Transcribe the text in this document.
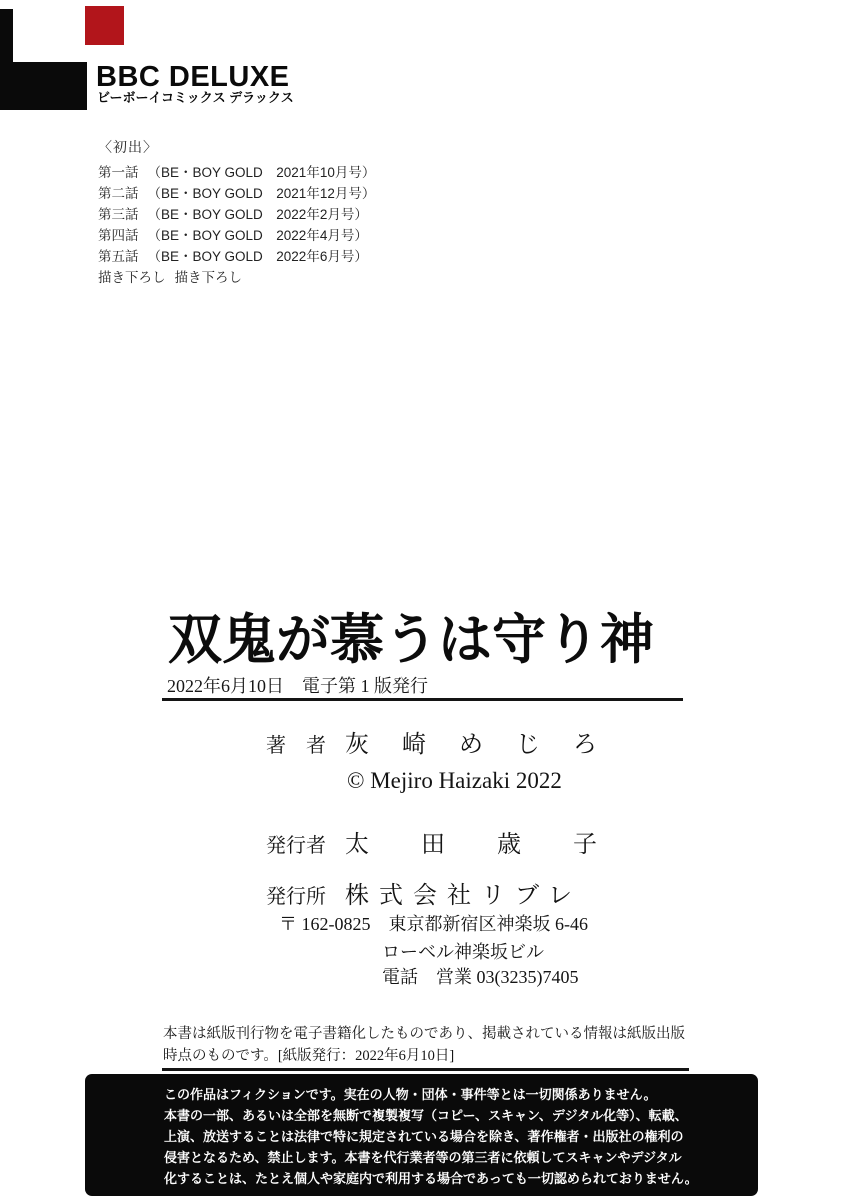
BBC DELUXE
ビーボーイコミックス デラックス
〈初出〉
第一話 （BE・BOY GOLD　2021年10月号）
第二話 （BE・BOY GOLD　2021年12月号）
第三話 （BE・BOY GOLD　2022年2月号）
第四話 （BE・BOY GOLD　2022年4月号）
第五話 （BE・BOY GOLD　2022年6月号）
描き下ろし 描き下ろし
双鬼が慕うは守り神
2022年6月10日　電子第 1 版発行
著　者 灰崎めじろ
© Mejiro Haizaki 2022
発行者 太田歳子
発行所 株式会社リブレ
〒 162-0825　東京都新宿区神楽坂 6-46
ローベル神楽坂ビル
電話　営業 03(3235)7405
本書は紙版刊行物を電子書籍化したものであり、掲載されている情報は紙版出版
時点のものです。[紙版発行：2022年6月10日]
この作品はフィクションです。実在の人物・団体・事件等とは一切関係ありません。
本書の一部、あるいは全部を無断で複製複写（コピー、スキャン、デジタル化等）、転載、
上演、放送することは法律で特に規定されている場合を除き、著作権者・出版社の権利の
侵害となるため、禁止します。本書を代行業者等の第三者に依頼してスキャンやデジタル
化することは、たとえ個人や家庭内で利用する場合であっても一切認められておりません。
